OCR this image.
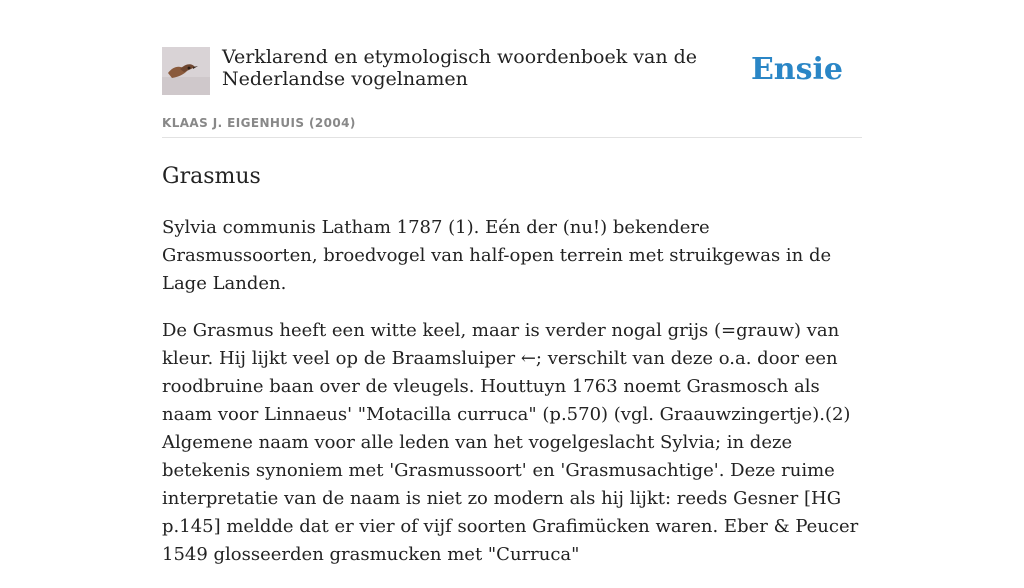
Verklarend en etymologisch woordenboek van de Nederlandse vogelnamen	Ensie
KLAAS J. EIGENHUIS (2004)
Grasmus

Sylvia communis Latham 1787 (1). Eén der (nu!) bekendere Grasmussoorten, broedvogel van half-open terrein met struikgewas in de Lage Landen.

De Grasmus heeft een witte keel, maar is verder nogal grijs (=grauw) van kleur. Hij lijkt veel op de Braamsluiper ←; verschilt van deze o.a. door een roodbruine baan over de vleugels. Houttuyn 1763 noemt Grasmosch als naam voor Linnaeus' "Motacilla curruca" (p.570) (vgl. Graauwzingertje).(2) Algemene naam voor alle leden van het vogelgeslacht Sylvia; in deze betekenis synoniem met 'Grasmussoort' en 'Grasmusachtige'. Deze ruime interpretatie van de naam is niet zo modern als hij lijkt: reeds Gesner [HG p.145] meldde dat er vier of vijf soorten Grafimücken waren. Eber & Peucer 1549 glosseerden grasmucken met "Curruca"
